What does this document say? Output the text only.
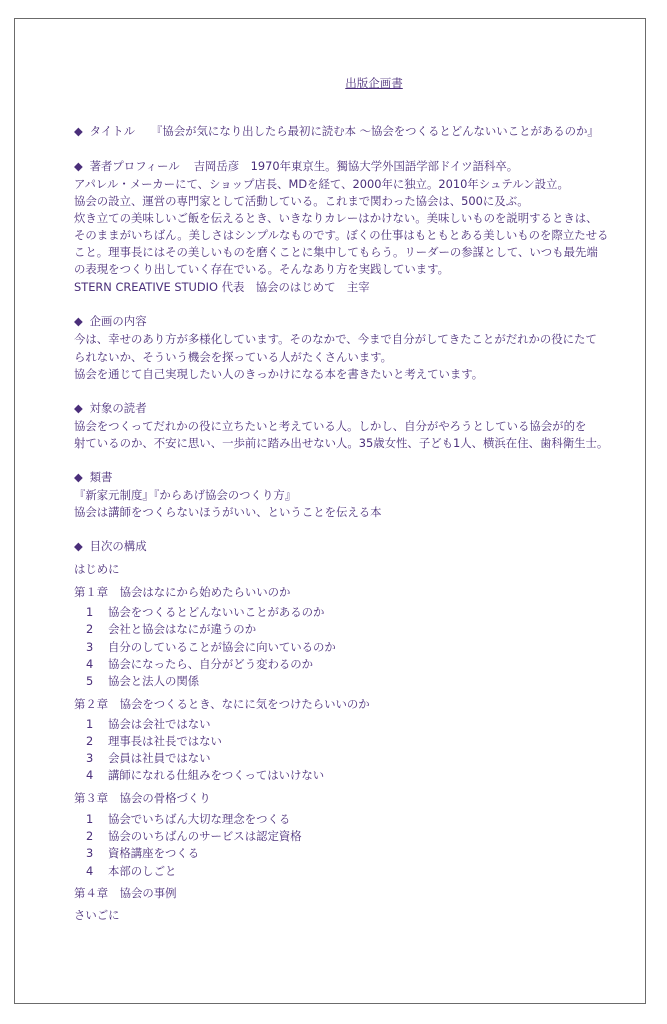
出版企画書
◆ タイトル 『協会が気になり出したら最初に読む本 〜協会をつくるとどんないいことがあるのか』
◆ 著者プロフィール 吉岡岳彦　1970年東京生。獨協大学外国語学部ドイツ語科卒。
アパレル・メーカーにて、ショップ店長、MDを経て、2000年に独立。2010年シュテルン設立。
協会の設立、運営の専門家として活動している。これまで関わった協会は、500に及ぶ。
炊き立ての美味しいご飯を伝えるとき、いきなりカレーはかけない。美味しいものを説明するときは、
そのままがいちばん。美しさはシンプルなものです。ぼくの仕事はもともとある美しいものを際立たせる
こと。理事長にはその美しいものを磨くことに集中してもらう。リーダーの参謀として、いつも最先端
の表現をつくり出していく存在でいる。そんなあり方を実践しています。
STERN CREATIVE STUDIO 代表　協会のはじめて　主宰
◆ 企画の内容
今は、幸せのあり方が多様化しています。そのなかで、今まで自分がしてきたことがだれかの役にたて
られないか、そういう機会を探っている人がたくさんいます。
協会を通じて自己実現したい人のきっかけになる本を書きたいと考えています。
◆ 対象の読者
協会をつくってだれかの役に立ちたいと考えている人。しかし、自分がやろうとしている協会が的を
射ているのか、不安に思い、一歩前に踏み出せない人。35歳女性、子ども1人、横浜在住、歯科衛生士。
◆ 類書
『新家元制度』『からあげ協会のつくり方』
協会は講師をつくらないほうがいい、ということを伝える本
◆ 目次の構成
はじめに
第１章　協会はなにから始めたらいいのか
1 協会をつくるとどんないいことがあるのか
2 会社と協会はなにが違うのか
3 自分のしていることが協会に向いているのか
4 協会になったら、自分がどう変わるのか
5 協会と法人の関係
第２章　協会をつくるとき、なにに気をつけたらいいのか
1 協会は会社ではない
2 理事長は社長ではない
3 会員は社員ではない
4 講師になれる仕組みをつくってはいけない
第３章　協会の骨格づくり
1 協会でいちばん大切な理念をつくる
2 協会のいちばんのサービスは認定資格
3 資格講座をつくる
4 本部のしごと
第４章　協会の事例
さいごに
